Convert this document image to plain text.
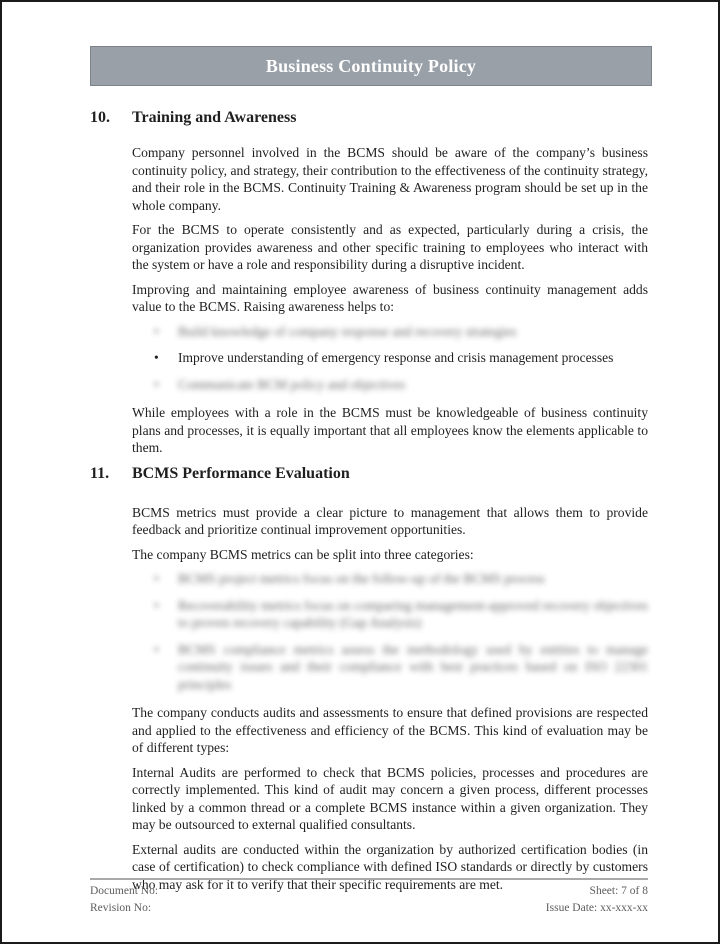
Business Continuity Policy
10.	Training and Awareness

Company personnel involved in the BCMS should be aware of the company’s business continuity policy, and strategy, their contribution to the effectiveness of the continuity strategy, and their role in the BCMS. Continuity Training & Awareness program should be set up in the whole company.

For the BCMS to operate consistently and as expected, particularly during a crisis, the organization provides awareness and other specific training to employees who interact with the system or have a role and responsibility during a disruptive incident.

Improving and maintaining employee awareness of business continuity management adds value to the BCMS. Raising awareness helps to:

•	Build knowledge of company response and recovery strategies
•	Improve understanding of emergency response and crisis management processes
•	Communicate BCM policy and objectives

While employees with a role in the BCMS must be knowledgeable of business continuity plans and processes, it is equally important that all employees know the elements applicable to them.

11.	BCMS Performance Evaluation

BCMS metrics must provide a clear picture to management that allows them to provide feedback and prioritize continual improvement opportunities.

The company BCMS metrics can be split into three categories:

•	BCMS project metrics focus on the follow-up of the BCMS process
•	Recoverability metrics focus on comparing management-approved recovery objectives to proven recovery capability (Gap Analysis)
•	BCMS compliance metrics assess the methodology used by entities to manage continuity issues and their compliance with best practices based on ISO 22301 principles

The company conducts audits and assessments to ensure that defined provisions are respected and applied to the effectiveness and efficiency of the BCMS. This kind of evaluation may be of different types:

Internal Audits are performed to check that BCMS policies, processes and procedures are correctly implemented. This kind of audit may concern a given process, different processes linked by a common thread or a complete BCMS instance within a given organization. They may be outsourced to external qualified consultants.

External audits are conducted within the organization by authorized certification bodies (in case of certification) to check compliance with defined ISO standards or directly by customers who may ask for it to verify that their specific requirements are met.

Document No:
Revision No:
Sheet: 7 of 8
Issue Date: xx-xxx-xx
